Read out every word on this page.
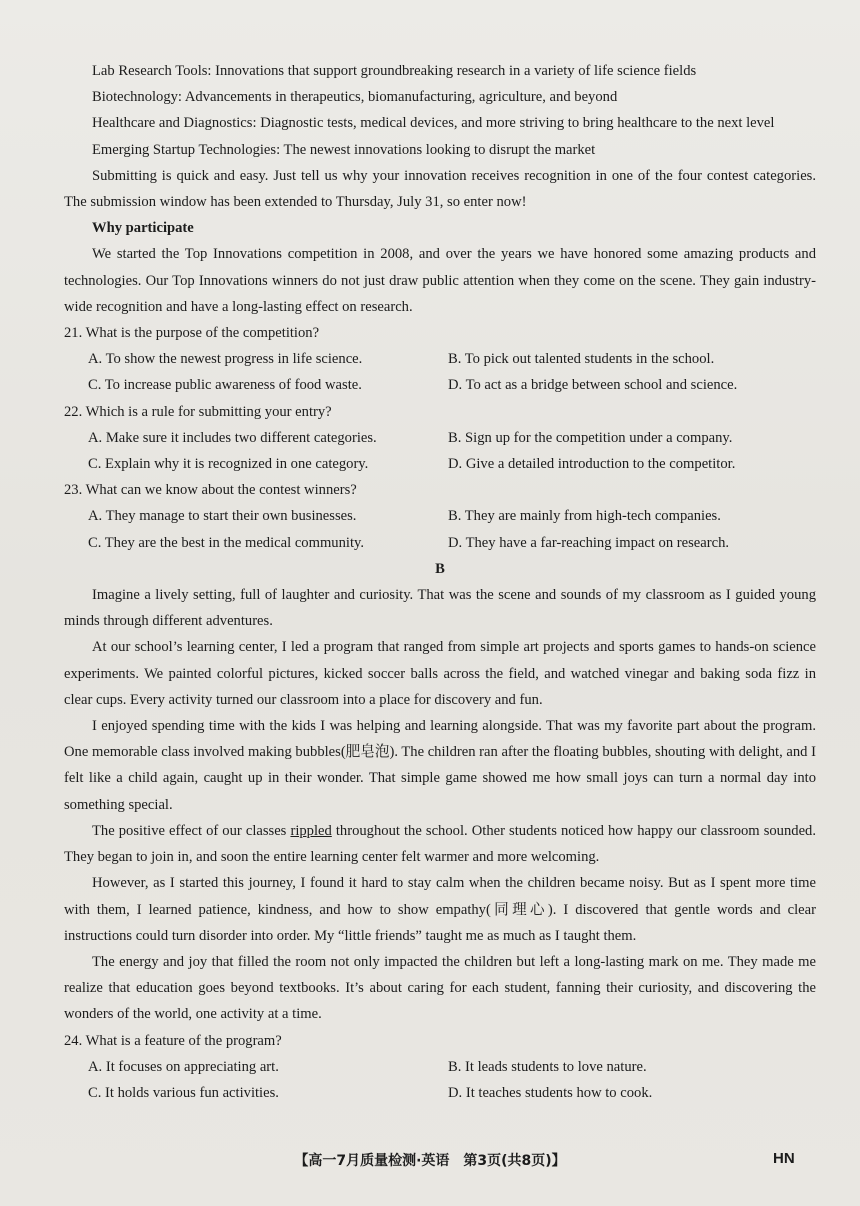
Lab Research Tools: Innovations that support groundbreaking research in a variety of life science fields

Biotechnology: Advancements in therapeutics, biomanufacturing, agriculture, and beyond

Healthcare and Diagnostics: Diagnostic tests, medical devices, and more striving to bring healthcare to the next level

Emerging Startup Technologies: The newest innovations looking to disrupt the market

Submitting is quick and easy. Just tell us why your innovation receives recognition in one of the four contest categories. The submission window has been extended to Thursday, July 31, so enter now!

Why participate

We started the Top Innovations competition in 2008, and over the years we have honored some amazing products and technologies. Our Top Innovations winners do not just draw public attention when they come on the scene. They gain industry-wide recognition and have a long-lasting effect on research.

21. What is the purpose of the competition?

A. To show the newest progress in life science.	B. To pick out talented students in the school.
C. To increase public awareness of food waste.	D. To act as a bridge between school and science.

22. Which is a rule for submitting your entry?

A. Make sure it includes two different categories.	B. Sign up for the competition under a company.
C. Explain why it is recognized in one category.	D. Give a detailed introduction to the competitor.

23. What can we know about the contest winners?

A. They manage to start their own businesses.	B. They are mainly from high-tech companies.
C. They are the best in the medical community.	D. They have a far-reaching impact on research.

B

Imagine a lively setting, full of laughter and curiosity. That was the scene and sounds of my classroom as I guided young minds through different adventures.

At our school’s learning center, I led a program that ranged from simple art projects and sports games to hands-on science experiments. We painted colorful pictures, kicked soccer balls across the field, and watched vinegar and baking soda fizz in clear cups. Every activity turned our classroom into a place for discovery and fun.

I enjoyed spending time with the kids I was helping and learning alongside. That was my favorite part about the program. One memorable class involved making bubbles(肥皂泡). The children ran after the floating bubbles, shouting with delight, and I felt like a child again, caught up in their wonder. That simple game showed me how small joys can turn a normal day into something special.

The positive effect of our classes rippled throughout the school. Other students noticed how happy our classroom sounded. They began to join in, and soon the entire learning center felt warmer and more welcoming.

However, as I started this journey, I found it hard to stay calm when the children became noisy. But as I spent more time with them, I learned patience, kindness, and how to show empathy(同理心). I discovered that gentle words and clear instructions could turn disorder into order. My “little friends” taught me as much as I taught them.

The energy and joy that filled the room not only impacted the children but left a long-lasting mark on me. They made me realize that education goes beyond textbooks. It’s about caring for each student, fanning their curiosity, and discovering the wonders of the world, one activity at a time.

24. What is a feature of the program?

A. It focuses on appreciating art.	B. It leads students to love nature.
C. It holds various fun activities.	D. It teaches students how to cook.
【高一7月质量检测·英语　第3页(共8页)】	HN
